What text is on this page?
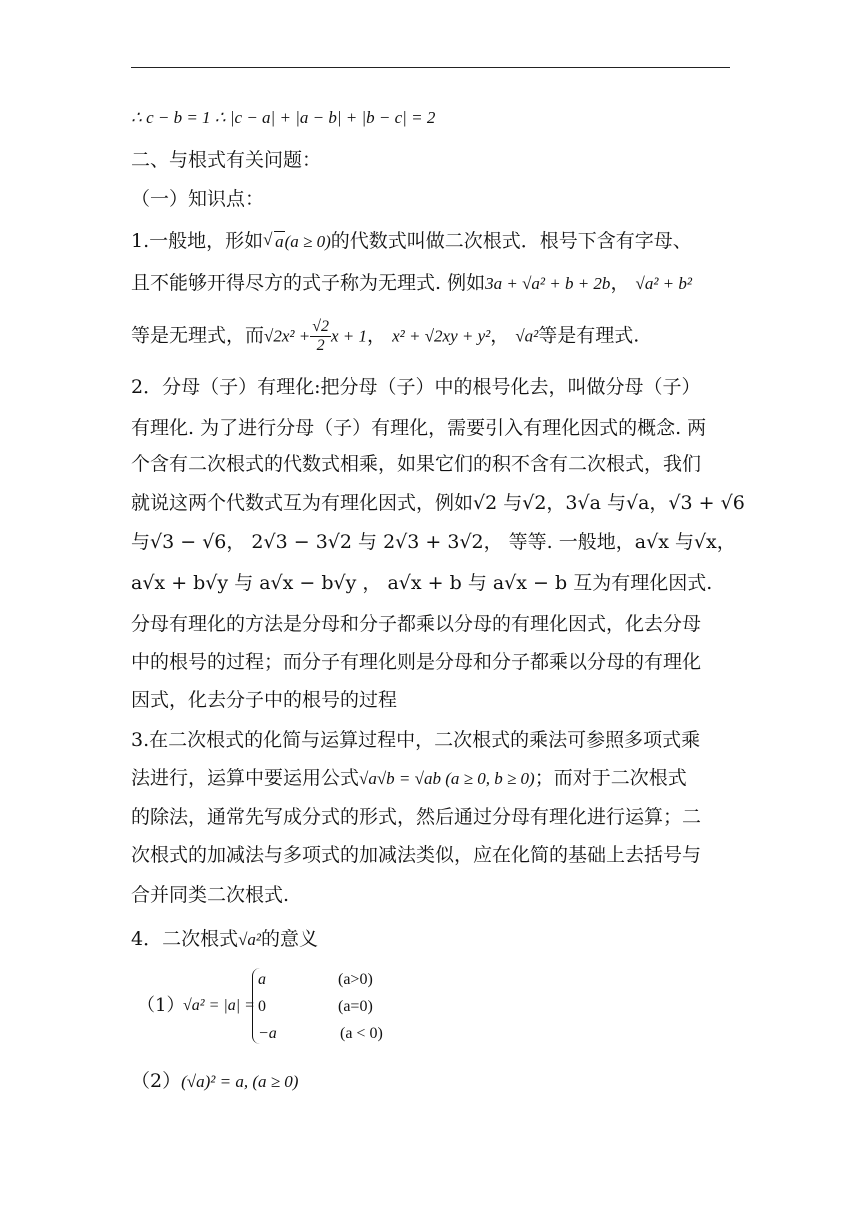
∴ c − b = 1 ∴ |c − a| + |a − b| + |b − c| = 2
二、与根式有关问题：
（一）知识点：
1.一般地，形如√ a(a ≥ 0)的代数式叫做二次根式．根号下含有字母、
且不能够开得尽方的式子称为无理式. 例如3a + √a² + b + 2b， √a² + b²
等是无理式，而$√2x^2 + \frac{√2}{2}$ x + 1， x² + √2xy + y²， √a²等是有理式.
2．分母（子）有理化:把分母（子）中的根号化去，叫做分母（子）
有理化. 为了进行分母（子）有理化，需要引入有理化因式的概念. 两
个含有二次根式的代数式相乘，如果它们的积不含有二次根式，我们
就说这两个代数式互为有理化因式，例如√2 与√2，3√a 与√a，√3 + √6
与√3 − √6， 2√3 − 3√2 与 2√3 + 3√2， 等等. 一般地，a√x 与√x，
a√x + b√y 与 a√x − b√y ， a√x + b 与 a√x − b 互为有理化因式.
分母有理化的方法是分母和分子都乘以分母的有理化因式，化去分母
中的根号的过程；而分子有理化则是分母和分子都乘以分母的有理化
因式，化去分子中的根号的过程
3.在二次根式的化简与运算过程中，二次根式的乘法可参照多项式乘
法进行，运算中要运用公式√a√b = √ab (a ≥ 0, b ≥ 0)；而对于二次根式
的除法，通常先写成分式的形式，然后通过分母有理化进行运算；二
次根式的加减法与多项式的加减法类似，应在化简的基础上去括号与
合并同类二次根式.
4．二次根式√a²的意义
（1）
√a² = |a| =
a	(a>0)
0	(a=0)
−a	(a < 0)
（2）(√a)² = a, (a ≥ 0)
